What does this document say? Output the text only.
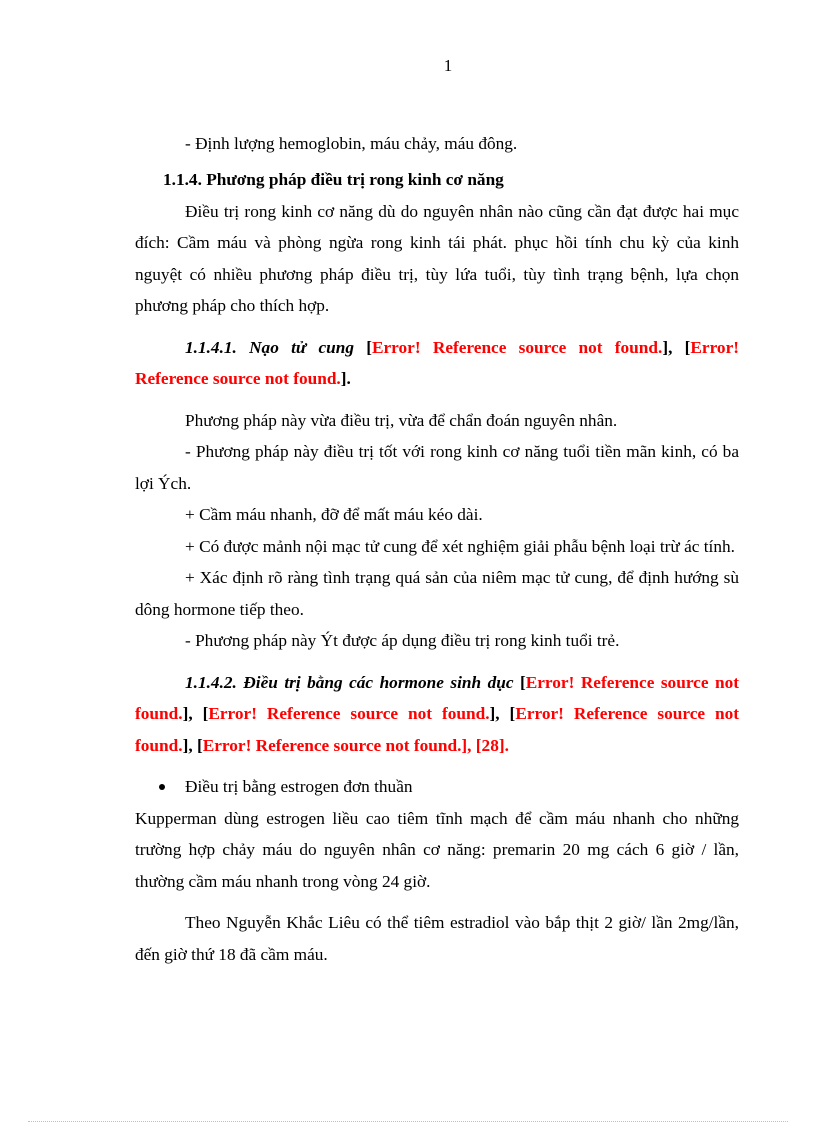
1

- Định lượng hemoglobin, máu chảy, máu đông.

1.1.4. Phương pháp điều trị rong kinh cơ năng

Điều trị rong kinh cơ năng dù do nguyên nhân nào cũng cần đạt được hai mục đích: Cầm máu và phòng ngừa rong kinh tái phát. phục hồi tính chu kỳ của kinh nguyệt có nhiều phương pháp điều trị, tùy lứa tuổi, tùy tình trạng bệnh, lựa chọn phương pháp cho thích hợp.

1.1.4.1. Nạo tử cung [Error! Reference source not found.], [Error! Reference source not found.].

Phương pháp này vừa điều trị, vừa để chẩn đoán nguyên nhân.

- Phương pháp này điều trị tốt với rong kinh cơ năng tuổi tiền mãn kinh, có ba lợi Ých.

+ Cầm máu nhanh, đỡ để mất máu kéo dài.

+ Có được mảnh nội mạc tử cung để xét nghiệm giải phẫu bệnh loại trừ ác tính.

+ Xác định rõ ràng tình trạng quá sản của niêm mạc tử cung, để định hướng sù dông hormone tiếp theo.

- Phương pháp này Ýt được áp dụng điều trị rong kinh tuổi trẻ.

1.1.4.2. Điều trị bằng các hormone sinh dục [Error! Reference source not found.], [Error! Reference source not found.], [Error! Reference source not found.], [Error! Reference source not found.], [28].

Điều trị bằng estrogen đơn thuần

Kupperman dùng estrogen liều cao tiêm tĩnh mạch để cầm máu nhanh cho những trường hợp chảy máu do nguyên nhân cơ năng: premarin 20 mg cách 6 giờ / lần, thường cầm máu nhanh trong vòng 24 giờ.

Theo Nguyễn Khắc Liêu có thể tiêm estradiol vào bắp thịt 2 giờ/ lần 2mg/lần, đến giờ thứ 18 đã cầm máu.
